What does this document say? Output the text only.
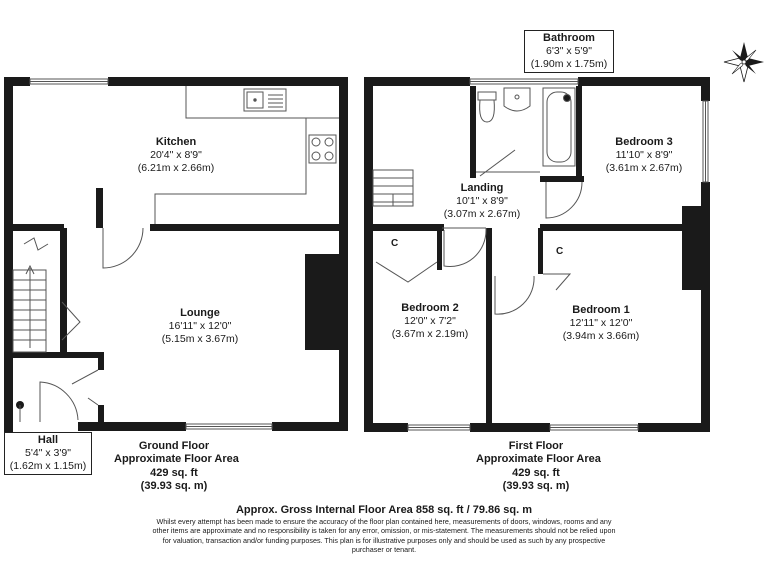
Kitchen
20'4" x 8'9"
(6.21m x 2.66m)
Lounge
16'11" x 12'0"
(5.15m x 3.67m)
Hall
5'4" x 3'9"
(1.62m x 1.15m)
Bathroom
6'3" x 5'9"
(1.90m x 1.75m)
Bedroom 3
11'10" x 8'9"
(3.61m x 2.67m)
Landing
10'1" x 8'9"
(3.07m x 2.67m)
Bedroom 2
12'0" x 7'2"
(3.67m x 2.19m)
Bedroom 1
12'11" x 12'0"
(3.94m x 3.66m)
C
C
Ground Floor
Approximate Floor Area
429 sq. ft
(39.93 sq. m)
First Floor
Approximate Floor Area
429 sq. ft
(39.93 sq. m)
Approx. Gross Internal Floor Area 858 sq. ft / 79.86 sq. m
Whilst every attempt has been made to ensure the accuracy of the floor plan contained here, measurements of doors, windows, rooms and any other items are approximate and no responsibility is taken for any error, omission, or mis-statement. The measurements should not be relied upon for valuation, transaction and/or funding purposes. This plan is for illustrative purposes only and should be used as such by any prospective purchaser or tenant.
